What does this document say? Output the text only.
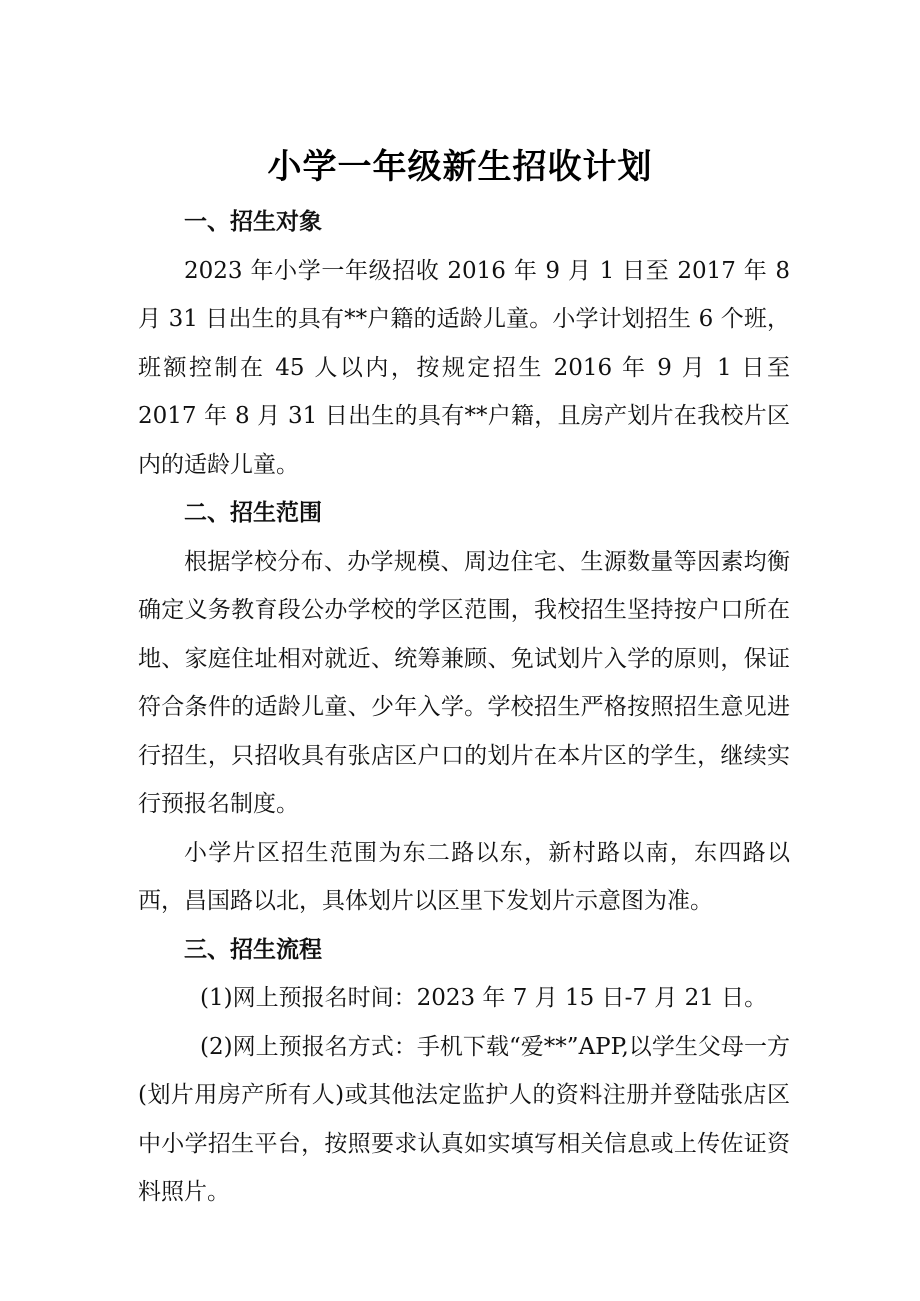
小学一年级新生招收计划
一、招生对象

2023 年小学一年级招收 2016 年 9 月 1 日至 2017 年 8 月 31 日出生的具有**户籍的适龄儿童。小学计划招生 6 个班，班额控制在 45 人以内，按规定招生 2016 年 9 月 1 日至 2017 年 8 月 31 日出生的具有**户籍，且房产划片在我校片区内的适龄儿童。

二、招生范围

根据学校分布、办学规模、周边住宅、生源数量等因素均衡确定义务教育段公办学校的学区范围，我校招生坚持按户口所在地、家庭住址相对就近、统筹兼顾、免试划片入学的原则，保证符合条件的适龄儿童、少年入学。学校招生严格按照招生意见进行招生，只招收具有张店区户口的划片在本片区的学生，继续实行预报名制度。

小学片区招生范围为东二路以东，新村路以南，东四路以西，昌国路以北，具体划片以区里下发划片示意图为准。

三、招生流程

(1)网上预报名时间：2023 年 7 月 15 日-7 月 21 日。

(2)网上预报名方式：手机下载“爱**”APP,以学生父母一方(划片用房产所有人)或其他法定监护人的资料注册并登陆张店区中小学招生平台，按照要求认真如实填写相关信息或上传佐证资料照片。
